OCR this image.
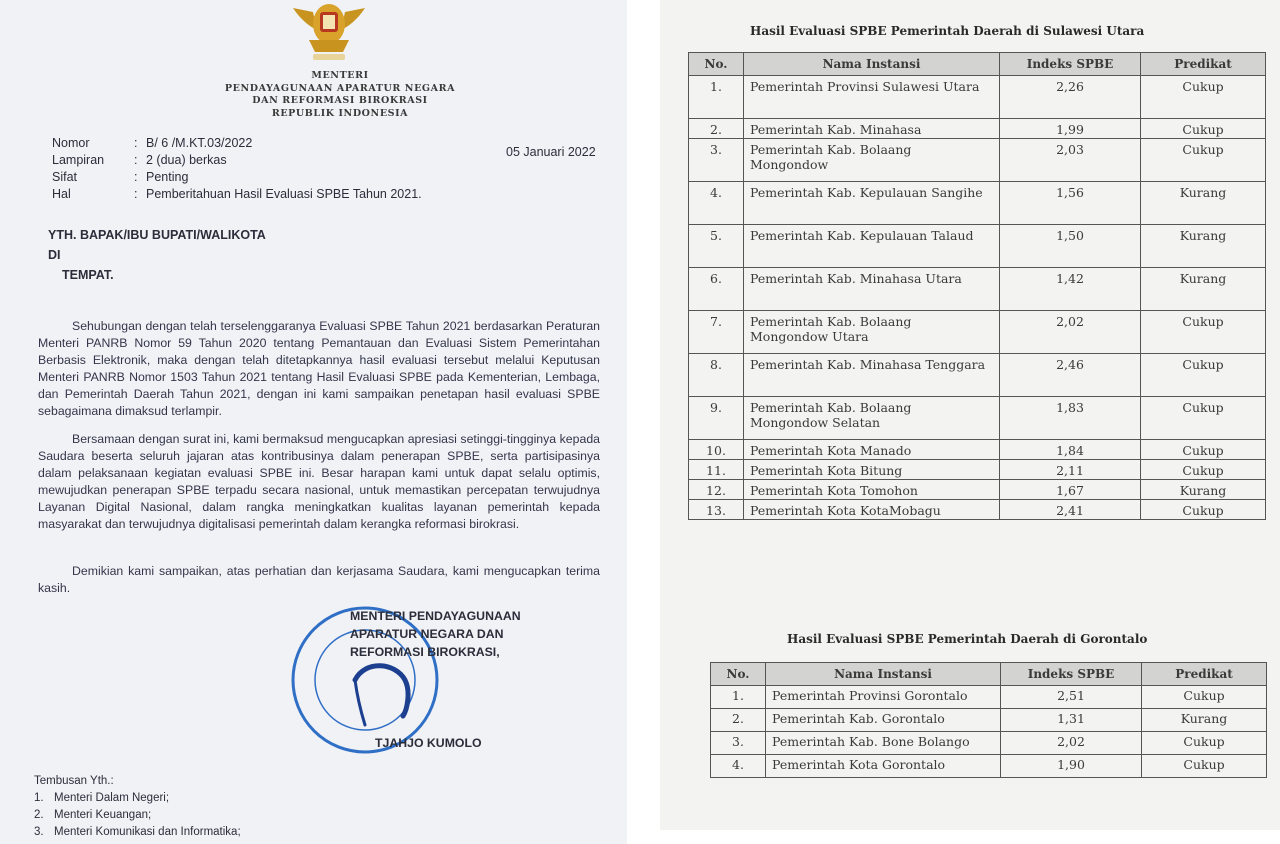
MENTERI
PENDAYAGUNAAN APARATUR NEGARA
DAN REFORMASI BIROKRASI
REPUBLIK INDONESIA
Nomor	: B/ 6 /M.KT.03/2022
Lampiran	: 2 (dua) berkas
Sifat	: Penting
Hal	: Pemberitahuan Hasil Evaluasi SPBE Tahun 2021.
05 Januari 2022
YTH. BAPAK/IBU BUPATI/WALIKOTA
DI
TEMPAT.
Sehubungan dengan telah terselenggaranya Evaluasi SPBE Tahun 2021 berdasarkan Peraturan Menteri PANRB Nomor 59 Tahun 2020 tentang Pemantauan dan Evaluasi Sistem Pemerintahan Berbasis Elektronik, maka dengan telah ditetapkannya hasil evaluasi tersebut melalui Keputusan Menteri PANRB Nomor 1503 Tahun 2021 tentang Hasil Evaluasi SPBE pada Kementerian, Lembaga, dan Pemerintah Daerah Tahun 2021, dengan ini kami sampaikan penetapan hasil evaluasi SPBE sebagaimana dimaksud terlampir.
Bersamaan dengan surat ini, kami bermaksud mengucapkan apresiasi setinggi-tingginya kepada Saudara beserta seluruh jajaran atas kontribusinya dalam penerapan SPBE, serta partisipasinya dalam pelaksanaan kegiatan evaluasi SPBE ini. Besar harapan kami untuk dapat selalu optimis, mewujudkan penerapan SPBE terpadu secara nasional, untuk memastikan percepatan terwujudnya Layanan Digital Nasional, dalam rangka meningkatkan kualitas layanan pemerintah kepada masyarakat dan terwujudnya digitalisasi pemerintah dalam kerangka reformasi birokrasi.
Demikian kami sampaikan, atas perhatian dan kerjasama Saudara, kami mengucapkan terima kasih.
MENTERI PENDAYAGUNAAN
APARATUR NEGARA DAN
REFORMASI BIROKRASI,
TJAHJO KUMOLO
Tembusan Yth.:
1. Menteri Dalam Negeri;
2. Menteri Keuangan;
3. Menteri Komunikasi dan Informatika;
Hasil Evaluasi SPBE Pemerintah Daerah di Sulawesi Utara
No.	Nama Instansi	Indeks SPBE	Predikat
1.	Pemerintah Provinsi Sulawesi Utara	2,26	Cukup
2.	Pemerintah Kab. Minahasa	1,99	Cukup
3.	Pemerintah Kab. Bolaang Mongondow	2,03	Cukup
4.	Pemerintah Kab. Kepulauan Sangihe	1,56	Kurang
5.	Pemerintah Kab. Kepulauan Talaud	1,50	Kurang
6.	Pemerintah Kab. Minahasa Utara	1,42	Kurang
7.	Pemerintah Kab. Bolaang Mongondow Utara	2,02	Cukup
8.	Pemerintah Kab. Minahasa Tenggara	2,46	Cukup
9.	Pemerintah Kab. Bolaang Mongondow Selatan	1,83	Cukup
10.	Pemerintah Kota Manado	1,84	Cukup
11.	Pemerintah Kota Bitung	2,11	Cukup
12.	Pemerintah Kota Tomohon	1,67	Kurang
13.	Pemerintah Kota KotaMobagu	2,41	Cukup
Hasil Evaluasi SPBE Pemerintah Daerah di Gorontalo
No.	Nama Instansi	Indeks SPBE	Predikat
1.	Pemerintah Provinsi Gorontalo	2,51	Cukup
2.	Pemerintah Kab. Gorontalo	1,31	Kurang
3.	Pemerintah Kab. Bone Bolango	2,02	Cukup
4.	Pemerintah Kota Gorontalo	1,90	Cukup
